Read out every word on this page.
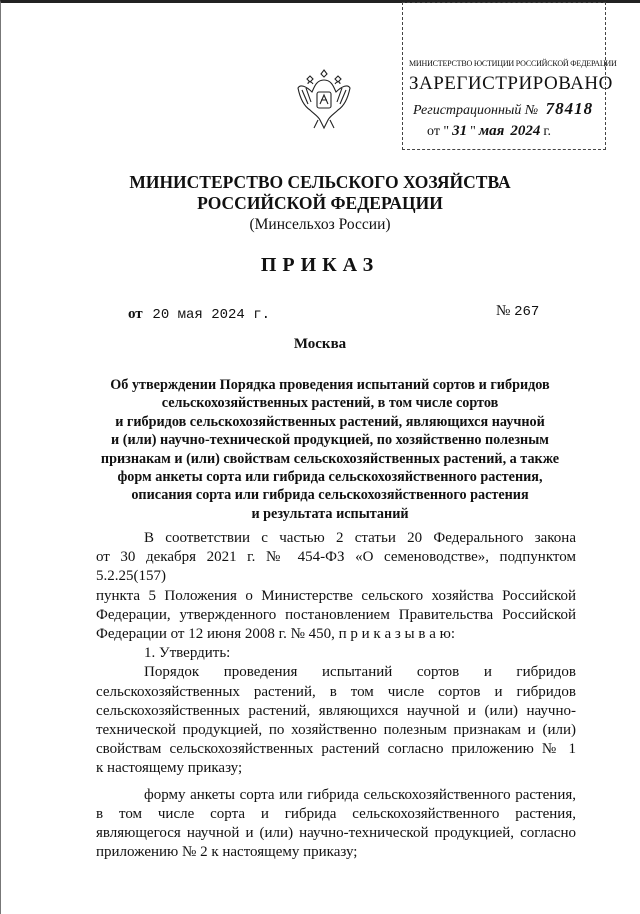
МИНИСТЕРСТВО ЮСТИЦИИ РОССИЙСКОЙ ФЕДЕРАЦИИ
ЗАРЕГИСТРИРОВАНО
Регистрационный № 78418
от " 31 " мая 2024 г.
МИНИСТЕРСТВО СЕЛЬСКОГО ХОЗЯЙСТВА
РОССИЙСКОЙ ФЕДЕРАЦИИ
(Минсельхоз России)
ПРИКАЗ
от 20 мая 2024 г.	№ 267
Москва
Об утверждении Порядка проведения испытаний сортов и гибридов
сельскохозяйственных растений, в том числе сортов
и гибридов сельскохозяйственных растений, являющихся научной
и (или) научно-технической продукцией, по хозяйственно полезным
признакам и (или) свойствам сельскохозяйственных растений, а также
форм анкеты сорта или гибрида сельскохозяйственного растения,
описания сорта или гибрида сельскохозяйственного растения
и результата испытаний
В соответствии с частью 2 статьи 20 Федерального закона
от 30 декабря 2021 г. № 454-ФЗ «О семеноводстве», подпунктом 5.2.25(157)
пункта 5 Положения о Министерстве сельского хозяйства Российской
Федерации, утвержденного постановлением Правительства Российской
Федерации от 12 июня 2008 г. № 450, п р и к а з ы в а ю:
1. Утвердить:
Порядок проведения испытаний сортов и гибридов
сельскохозяйственных растений, в том числе сортов и гибридов
сельскохозяйственных растений, являющихся научной и (или) научно-
технической продукцией, по хозяйственно полезным признакам и (или)
свойствам сельскохозяйственных растений согласно приложению № 1
к настоящему приказу;
форму анкеты сорта или гибрида сельскохозяйственного растения,
в том числе сорта и гибрида сельскохозяйственного растения,
являющегося научной и (или) научно-технической продукцией, согласно
приложению № 2 к настоящему приказу;
